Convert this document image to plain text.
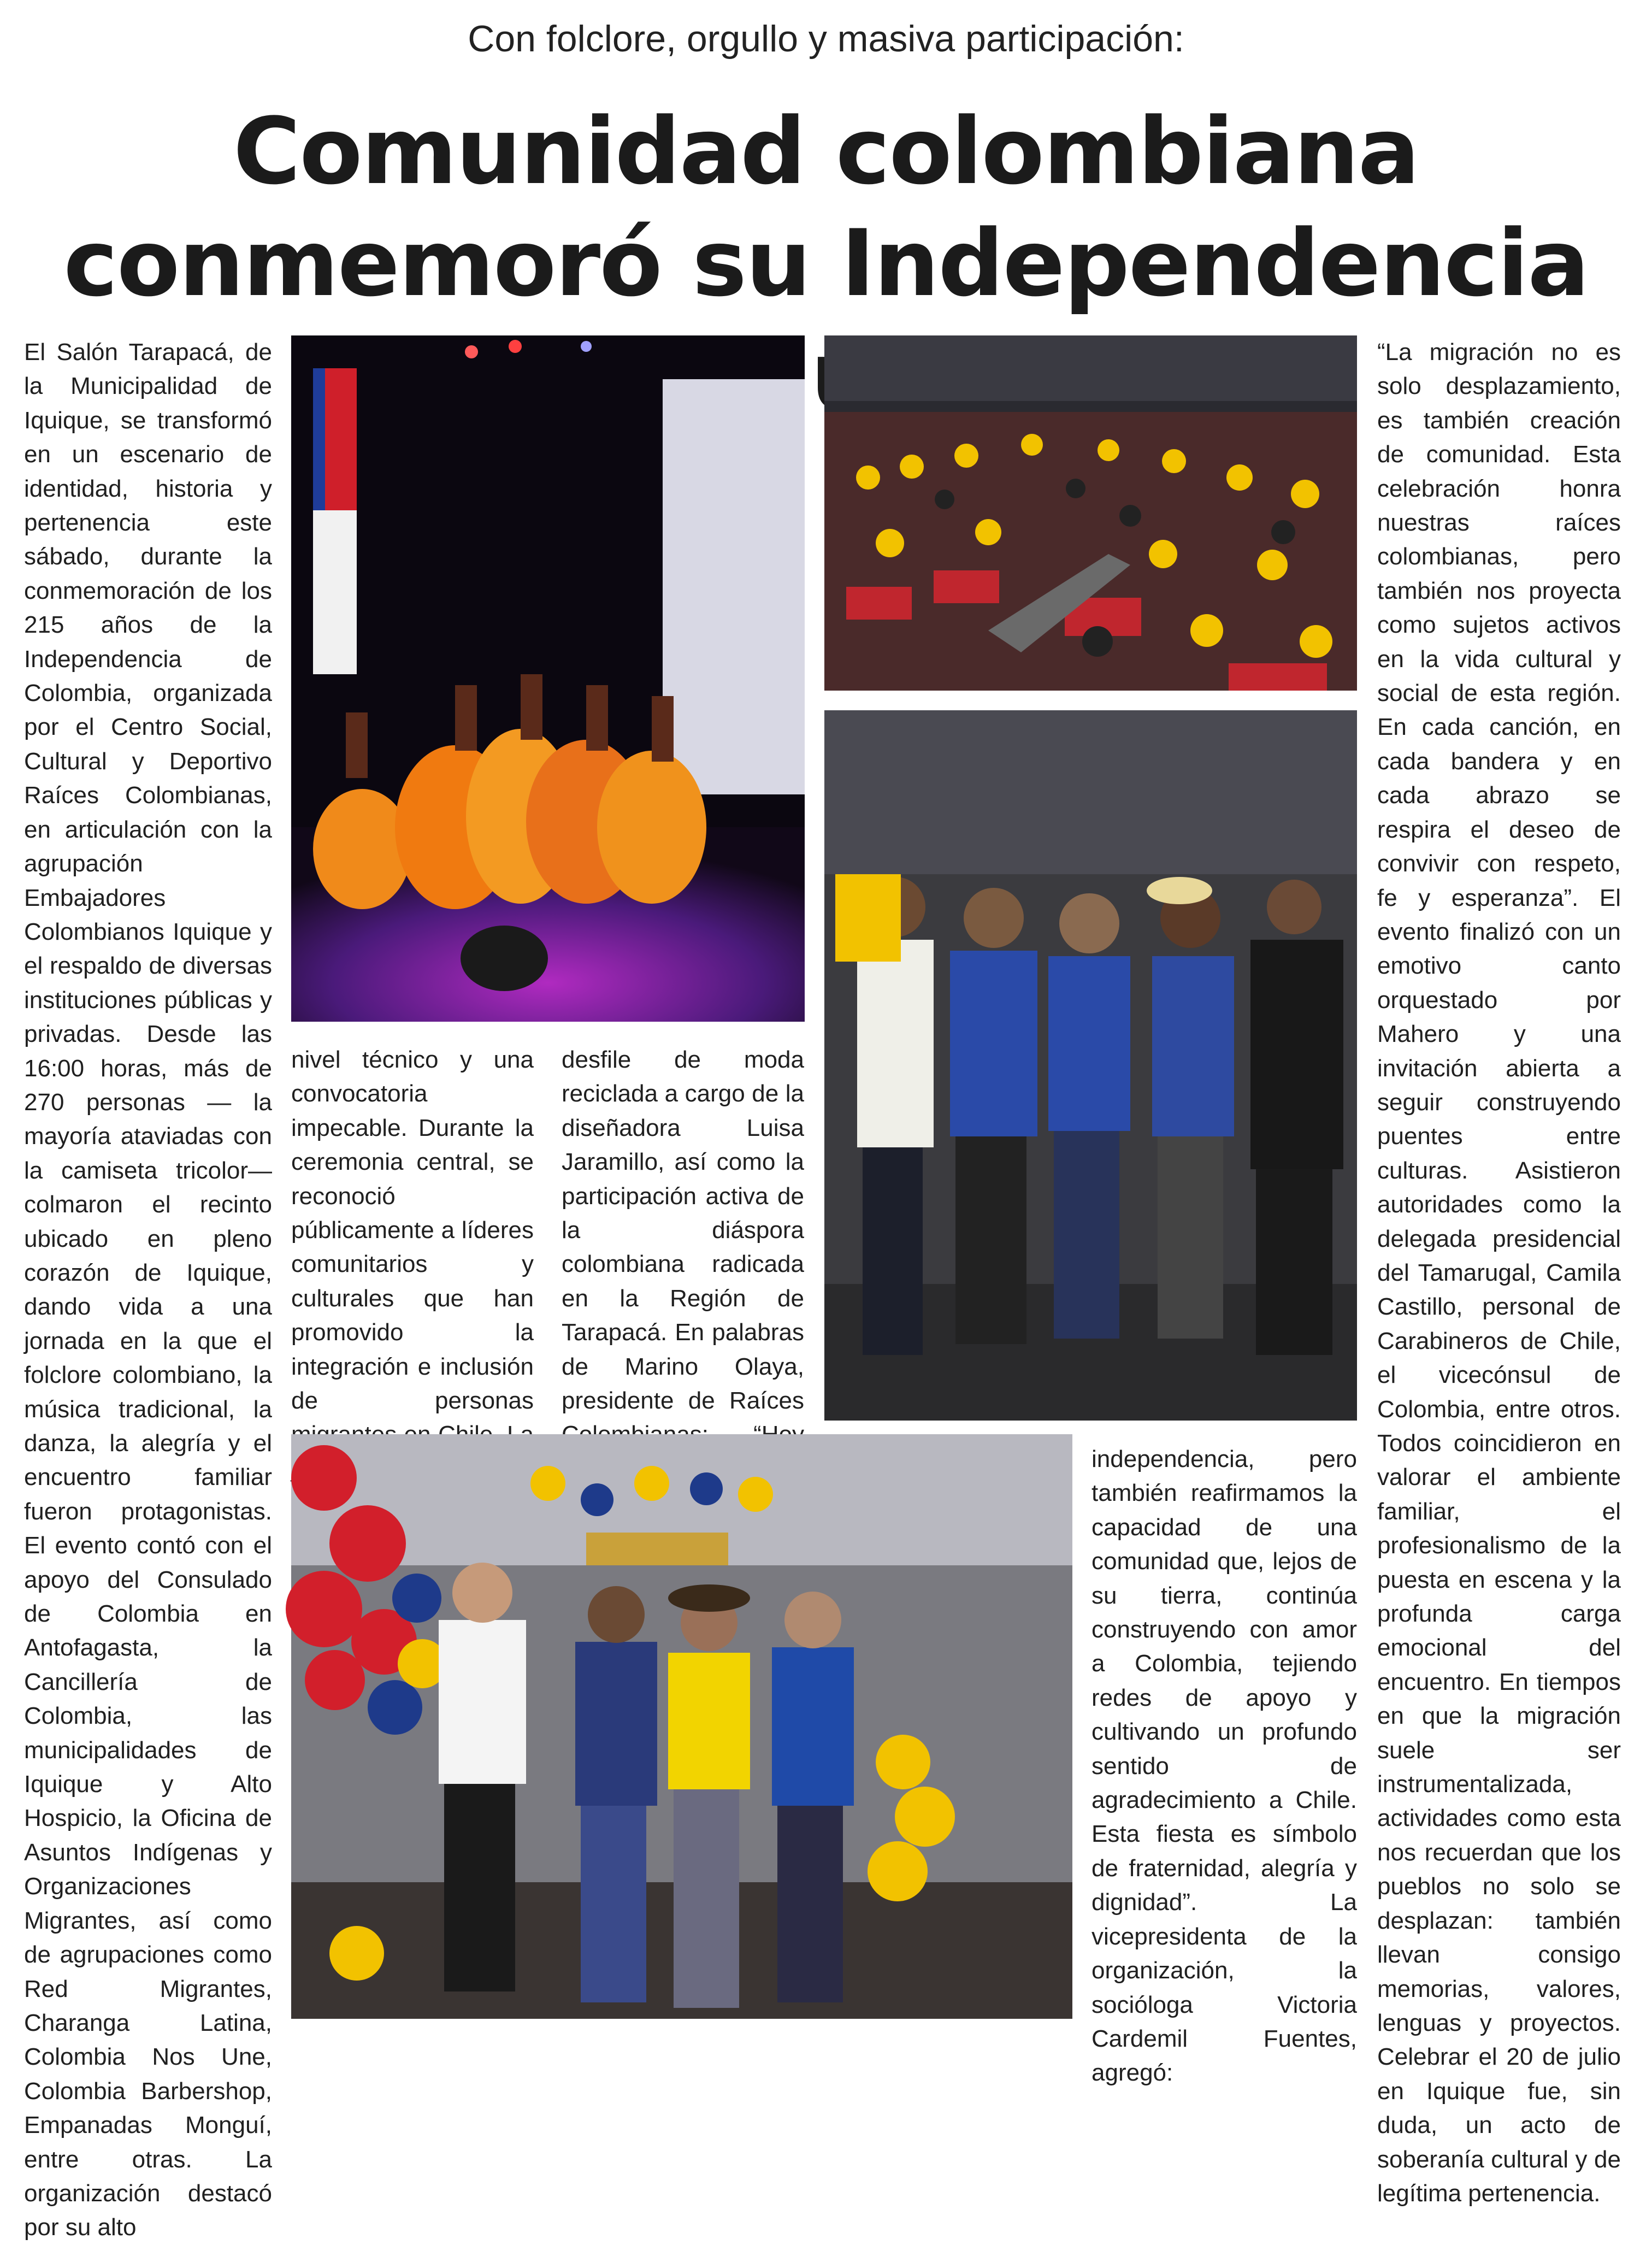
Con folclore, orgullo y masiva participación:
Comunidad colombiana conmemoró su Independencia

El Salón Tarapacá, de la Municipalidad de Iquique, se transformó en un escenario de identidad, historia y pertenencia este sábado, durante la conmemoración de los 215 años de la Independencia de Colombia, organizada por el Centro Social, Cultural y Deportivo Raíces Colombianas, en articulación con la agrupación Embajadores Colombianos Iquique y el respaldo de diversas instituciones públicas y privadas. Desde las 16:00 horas, más de 270 personas — la mayoría ataviadas con la camiseta tricolor— colmaron el recinto ubicado en pleno corazón de Iquique, dando vida a una jornada en la que el folclore colombiano, la música tradicional, la danza, la alegría y el encuentro familiar fueron protagonistas. El evento contó con el apoyo del Consulado de Colombia en Antofagasta, la Cancillería de Colombia, las municipalidades de Iquique y Alto Hospicio, la Oficina de Asuntos Indígenas y Organizaciones Migrantes, así como de agrupaciones como Red Migrantes, Charanga Latina, Colombia Nos Une, Colombia Barbershop, Empanadas Monguí, entre otras. La organización destacó por su alto

nivel técnico y una convocatoria impecable. Durante la ceremonia central, se reconoció públicamente a líderes comunitarios y culturales que han promovido la integración e inclusión de personas

desfile de moda reciclada a cargo de la diseñadora Luisa Jaramillo, así como la participación activa de la diáspora colombiana radicada en la Región de Tarapacá. En palabras de Marino Olaya, presidente de Raíces

independencia, pero también reafirmamos la capacidad de una comunidad que, lejos de su tierra, continúa construyendo con amor a Colombia, tejiendo redes de apoyo y cultivando un profundo sentido de agradecimiento a Chile. Esta fiesta es símbolo de fraternidad, alegría y dignidad”. La vicepresidenta de la organización, la socióloga Victoria Cardemil Fuentes, agregó:

“La migración no es solo desplazamiento, es también creación de comunidad. Esta celebración honra nuestras raíces colombianas, pero también nos proyecta como sujetos activos en la vida cultural y social de esta región. En cada canción, en cada bandera y en cada abrazo se respira el deseo de convivir con respeto, fe y esperanza”. El evento finalizó con un emotivo canto orquestado por Mahero y una invitación abierta a seguir construyendo puentes entre culturas. Asistieron autoridades como la delegada presidencial del Tamarugal, Camila Castillo, personal de Carabineros de Chile, el vicecónsul de Colombia, entre otros. Todos coincidieron en valorar el ambiente familiar, el profesionalismo de la puesta en escena y la profunda carga emocional del encuentro. En tiempos en que la migración suele ser instrumentalizada, actividades como esta nos recuerdan que los pueblos no solo se desplazan: también llevan consigo memorias, valores, lenguas y proyectos. Celebrar el 20 de julio en Iquique fue, sin duda, un acto de soberanía cultural y de legítima pertenencia.
